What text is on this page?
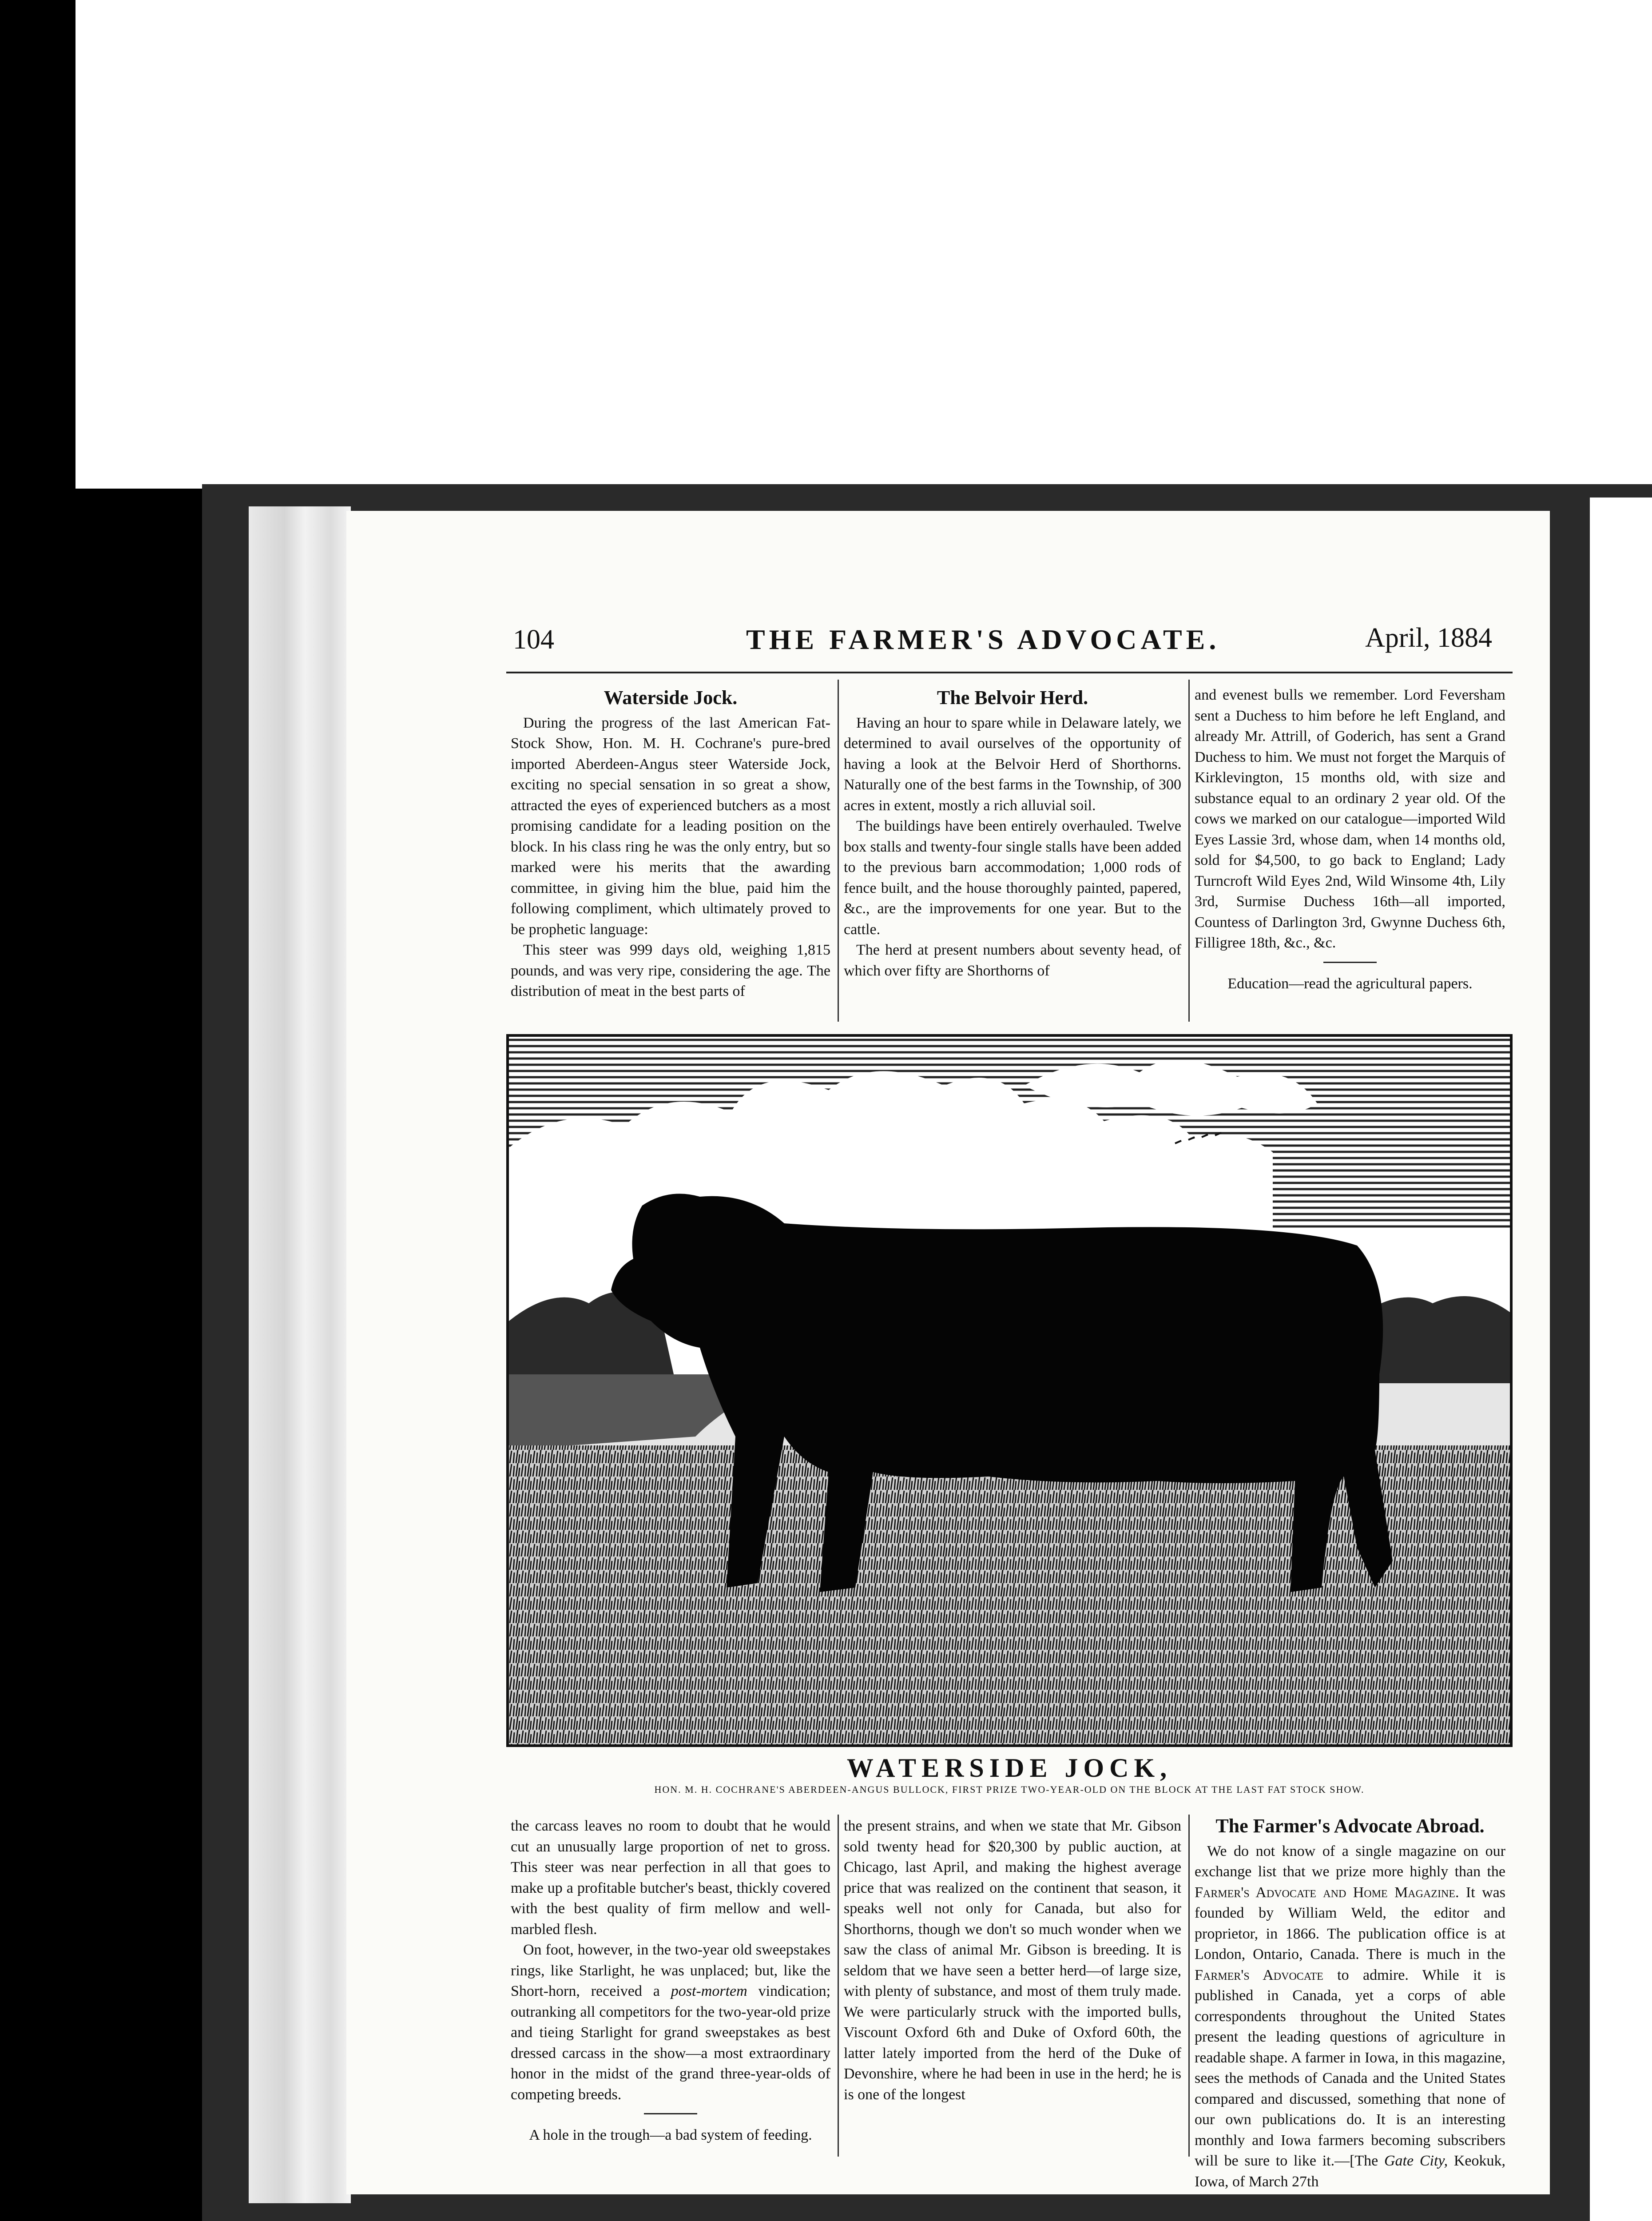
104	THE FARMER'S ADVOCATE.	April, 1884
Waterside Jock.

During the progress of the last American Fat-Stock Show, Hon. M. H. Cochrane's pure-bred imported Aberdeen-Angus steer Waterside Jock, exciting no special sensation in so great a show, attracted the eyes of experienced butchers as a most promising candidate for a leading position on the block. In his class ring he was the only entry, but so marked were his merits that the awarding committee, in giving him the blue, paid him the following compliment, which ultimately proved to be prophetic language:

This steer was 999 days old, weighing 1,815 pounds, and was very ripe, considering the age. The distribution of meat in the best parts of

The Belvoir Herd.

Having an hour to spare while in Delaware lately, we determined to avail ourselves of the opportunity of having a look at the Belvoir Herd of Shorthorns. Naturally one of the best farms in the Township, of 300 acres in extent, mostly a rich alluvial soil.

The buildings have been entirely overhauled. Twelve box stalls and twenty-four single stalls have been added to the previous barn accommodation; 1,000 rods of fence built, and the house thoroughly painted, papered, &c., are the improvements for one year. But to the cattle.

The herd at present numbers about seventy head, of which over fifty are Shorthorns of

and evenest bulls we remember. Lord Feversham sent a Duchess to him before he left England, and already Mr. Attrill, of Goderich, has sent a Grand Duchess to him. We must not forget the Marquis of Kirklevington, 15 months old, with size and substance equal to an ordinary 2 year old. Of the cows we marked on our catalogue—imported Wild Eyes Lassie 3rd, whose dam, when 14 months old, sold for $4,500, to go back to England; Lady Turncroft Wild Eyes 2nd, Wild Winsome 4th, Lily 3rd, Surmise Duchess 16th—all imported, Countess of Darlington 3rd, Gwynne Duchess 6th, Filligree 18th, &c., &c.

Education—read the agricultural papers.

WATERSIDE JOCK,
HON. M. H. COCHRANE'S ABERDEEN-ANGUS BULLOCK, FIRST PRIZE TWO-YEAR-OLD ON THE BLOCK AT THE LAST FAT STOCK SHOW.

the carcass leaves no room to doubt that he would cut an unusually large proportion of net to gross. This steer was near perfection in all that goes to make up a profitable butcher's beast, thickly covered with the best quality of firm mellow and well-marbled flesh.

On foot, however, in the two-year old sweepstakes rings, like Starlight, he was unplaced; but, like the Short-horn, received a post-mortem vindication; outranking all competitors for the two-year-old prize and tieing Starlight for grand sweepstakes as best dressed carcass in the show—a most extraordinary honor in the midst of the grand three-year-olds of competing breeds.

A hole in the trough—a bad system of feeding.

the present strains, and when we state that Mr. Gibson sold twenty head for $20,300 by public auction, at Chicago, last April, and making the highest average price that was realized on the continent that season, it speaks well not only for Canada, but also for Shorthorns, though we don't so much wonder when we saw the class of animal Mr. Gibson is breeding. It is seldom that we have seen a better herd—of large size, with plenty of substance, and most of them truly made. We were particularly struck with the imported bulls, Viscount Oxford 6th and Duke of Oxford 60th, the latter lately imported from the herd of the Duke of Devonshire, where he had been in use in the herd; he is is one of the longest

The Farmer's Advocate Abroad.

We do not know of a single magazine on our exchange list that we prize more highly than the Farmer's Advocate and Home Magazine. It was founded by William Weld, the editor and proprietor, in 1866. The publication office is at London, Ontario, Canada. There is much in the Farmer's Advocate to admire. While it is published in Canada, yet a corps of able correspondents throughout the United States present the leading questions of agriculture in readable shape. A farmer in Iowa, in this magazine, sees the methods of Canada and the United States compared and discussed, something that none of our own publications do. It is an interesting monthly and Iowa farmers becoming subscribers will be sure to like it.—[The Gate City, Keokuk, Iowa, of March 27th
